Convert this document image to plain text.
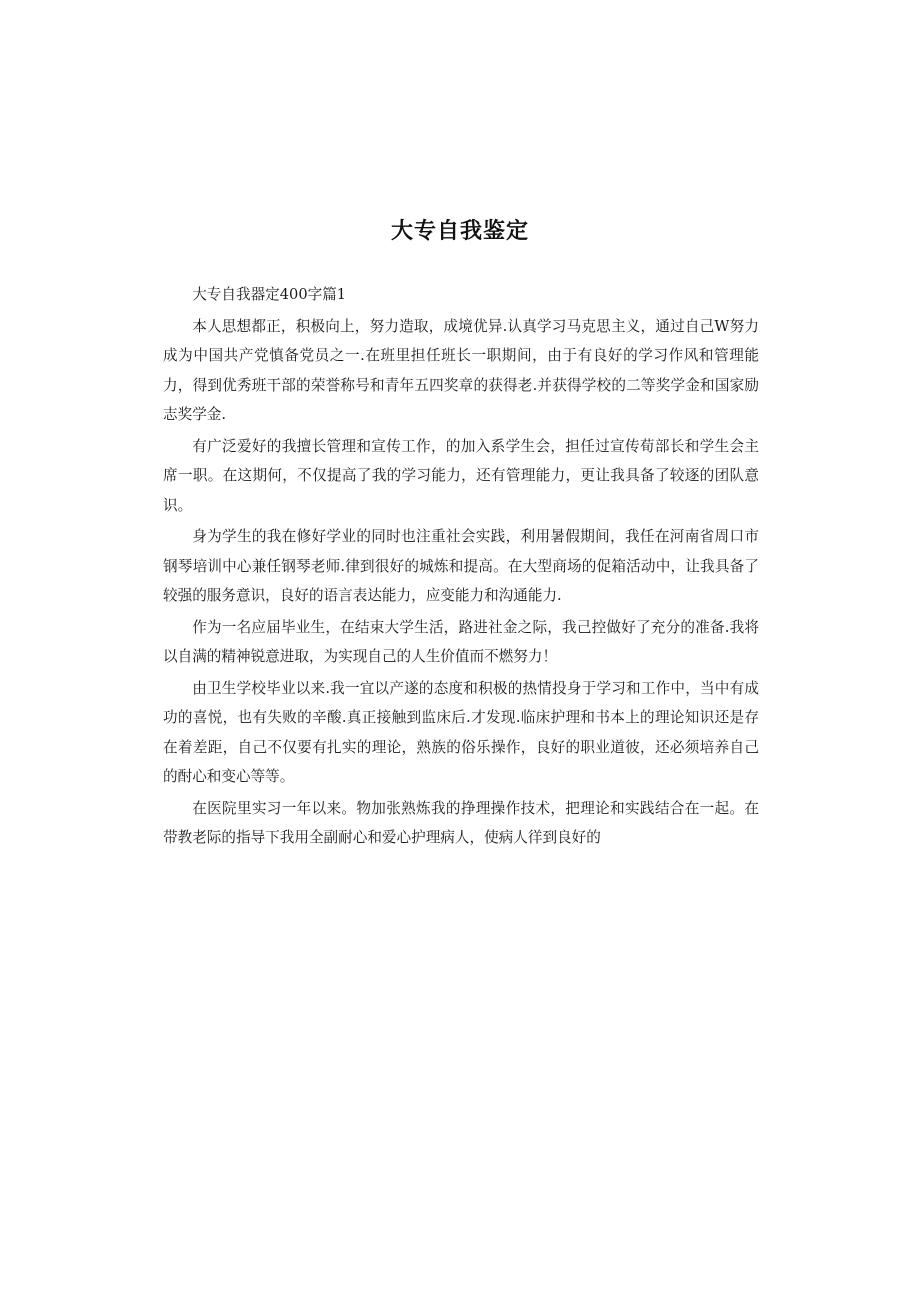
大专自我鉴定

大专自我器定400字篇1

本人思想都正，积极向上，努力造取，成境优异.认真学习马克思主义，通过自己W努力成为中国共产党慎备党员之一.在班里担任班长一职期间，由于有良好的学习作风和管理能力，得到优秀班干部的荣誉称号和青年五四奖章的获得老.并获得学校的二等奖学金和国家励志奖学金.

有广泛爱好的我擅长管理和宣传工作，的加入系学生会，担任过宣传荀部长和学生会主席一职。在这期何，不仅提高了我的学习能力，还有管理能力，更让我具备了较逐的团队意识。

身为学生的我在修好学业的同时也注重社会实践，利用暑假期间，我任在河南省周口市钢琴培训中心兼任钢琴老师.律到很好的城炼和提高。在大型商场的促箱活动中，让我具备了较强的服务意识，良好的语言表达能力，应变能力和沟通能力.

作为一名应届毕业生，在结束大学生活，路进社金之际，我己控做好了充分的准备.我将以自满的精神锐意进取，为实现自己的人生价值而不燃努力！

由卫生学校毕业以来.我一宜以产遂的态度和积极的热情投身于学习和工作中，当中有成功的喜悦，也有失败的辛酸.真正接触到监床后.才发现.临床护理和书本上的理论知识还是存在着差距，自己不仅要有扎实的理论，熟族的俗乐操作，良好的职业道彼，还必须培养自己的酎心和变心等等。

在医院里实习一年以来。物加张熟炼我的挣理操作技术，把理论和实践结合在一起。在带教老际的指导下我用全副耐心和爱心护理病人，使病人徉到良好的
